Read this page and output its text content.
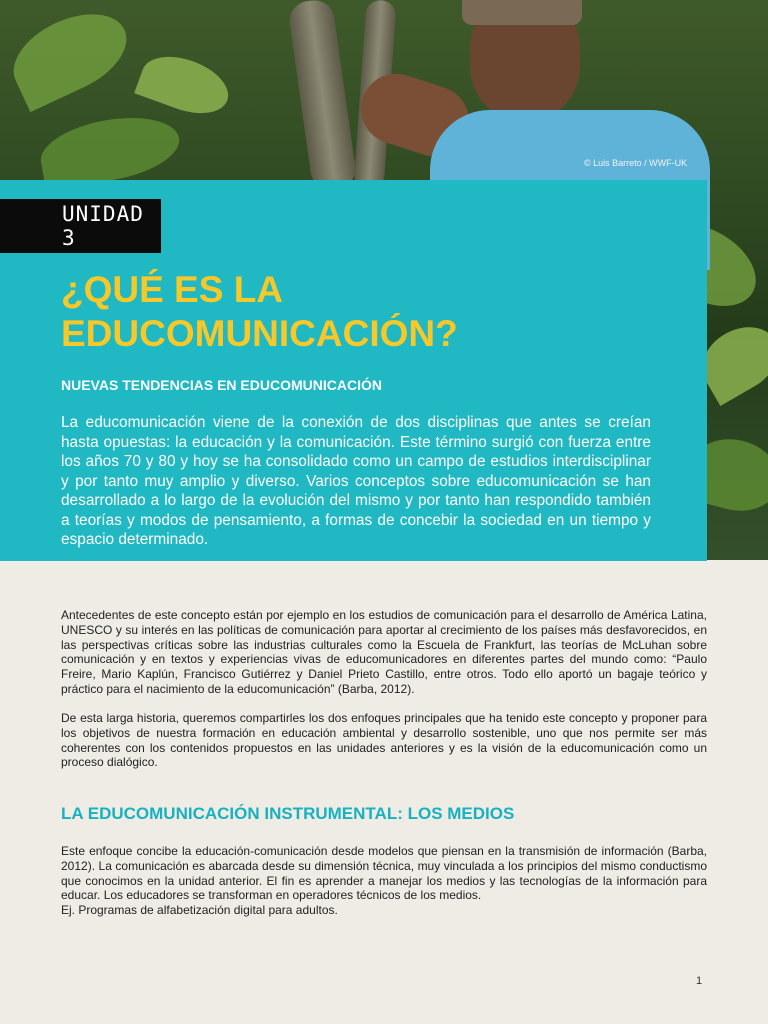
© Luis Barreto / WWF-UK
UNIDAD 3
¿QUÉ ES LA EDUCOMUNICACIÓN?
NUEVAS TENDENCIAS EN EDUCOMUNICACIÓN

La educomunicación viene de la conexión de dos disciplinas que antes se creían hasta opuestas: la educación y la comunicación. Este término surgió con fuerza entre los años 70 y 80 y hoy se ha consolidado como un campo de estudios interdisciplinar y por tanto muy amplio y diverso. Varios conceptos sobre educomunicación se han desarrollado a lo largo de la evolución del mismo y por tanto han respondido también a teorías y modos de pensamiento, a formas de concebir la sociedad en un tiempo y espacio determinado.

Antecedentes de este concepto están por ejemplo en los estudios de comunicación para el desarrollo de América Latina, UNESCO y su interés en las políticas de comunicación para aportar al crecimiento de los países más desfavorecidos, en las perspectivas críticas sobre las industrias culturales como la Escuela de Frankfurt, las teorías de McLuhan sobre comunicación y en textos y experiencias vivas de educomunicadores en diferentes partes del mundo como: “Paulo Freire, Mario Kaplún, Francisco Gutiérrez y Daniel Prieto Castillo, entre otros. Todo ello aportó un bagaje teórico y práctico para el nacimiento de la educomunicación” (Barba, 2012).

De esta larga historia, queremos compartirles los dos enfoques principales que ha tenido este concepto y proponer para los objetivos de nuestra formación en educación ambiental y desarrollo sostenible, uno que nos permite ser más coherentes con los contenidos propuestos en las unidades anteriores y es la visión de la educomunicación como un proceso dialógico.

LA EDUCOMUNICACIÓN INSTRUMENTAL: LOS MEDIOS
Este enfoque concibe la educación-comunicación desde modelos que piensan en la transmisión de información (Barba, 2012). La comunicación es abarcada desde su dimensión técnica, muy vinculada a los principios del mismo conductismo que conocimos en la unidad anterior. El fin es aprender a manejar los medios y las tecnologías de la información para educar. Los educadores se transforman en operadores técnicos de los medios.
Ej. Programas de alfabetización digital para adultos.
1
